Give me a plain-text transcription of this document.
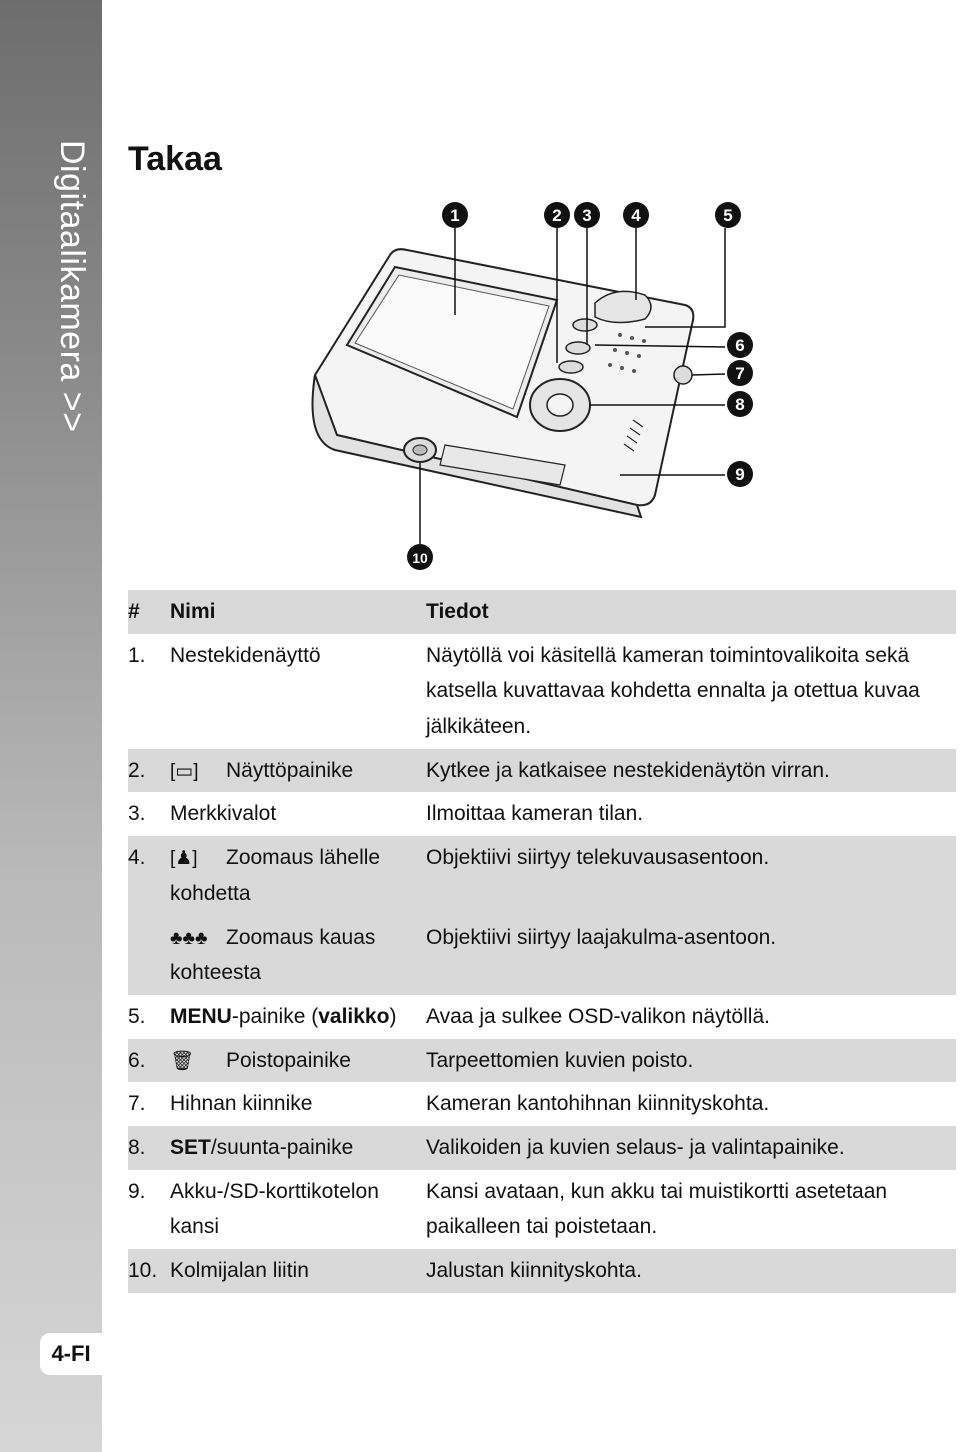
Digitaalikamera >>
4-FI
Takaa
1	2 3 4	5
6
7
8
9
10
#	Nimi	Tiedot
1.	Nestekidenäyttö	Näytöllä voi käsitellä kameran toimintovalikoita sekä katsella kuvattavaa kohdetta ennalta ja otettua kuvaa jälkikäteen.
2.	[▭] Näyttöpainike	Kytkee ja katkaisee nestekidenäytön virran.
3.	Merkkivalot	Ilmoittaa kameran tilan.
4.	[♟] Zoomaus lähelle kohdetta	Objektiivi siirtyy telekuvausasentoon.
	♣♣♣ Zoomaus kauas kohteesta	Objektiivi siirtyy laajakulma-asentoon.
5.	MENU-painike (valikko)	Avaa ja sulkee OSD-valikon näytöllä.
6.	🗑 Poistopainike	Tarpeettomien kuvien poisto.
7.	Hihnan kiinnike	Kameran kantohihnan kiinnityskohta.
8.	SET/suunta-painike	Valikoiden ja kuvien selaus- ja valintapainike.
9.	Akku-/SD-korttikotelon kansi	Kansi avataan, kun akku tai muistikortti asetetaan paikalleen tai poistetaan.
10.	Kolmijalan liitin	Jalustan kiinnityskohta.
